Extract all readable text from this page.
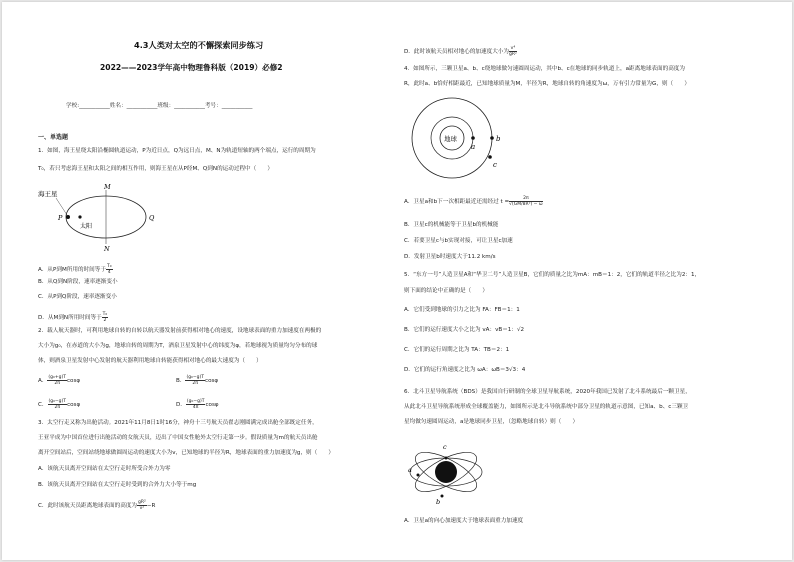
4.3人类对太空的不懈探索同步练习
2022——2023学年高中物理鲁科版（2019）必修2
学校:___________姓名：___________班级：___________考号：___________
一、单选题
1．如图，海王星绕太阳沿椭圆轨道运动，P为近日点，Q为远日点，M、N为轨道短轴的两个端点，运行的周期为
T₀，若只考虑海王星和太阳之间的相互作用，则海王星在从P经M、Q到N的运动过程中（　　）
海王星
P
太阳
Q
M
N
A．从P到M所用的时间等于 $\frac{\text{T₀}}{4}$
B．从Q到N阶段，速率逐渐变小
C．从P到Q阶段，速率逐渐变小
D．从M到N所用时间等于 $\frac{\text{T₀}}{2}$
2．载人航天器时，可利用地球自转的自转以航天器发射前获得相对地心的速度，设地球表面的重力加速度在两极的
大小为g₀，在赤道的大小为g，地球自转的周期为T，酒泉卫星发射中心的纬度为φ，若地球视为质量均匀分布的球
体，则酒泉卫星发射中心发射的航天器利用地球自转能获得相对地心的最大速度为（　　）
A． $\frac{\text{(g₀+g)T}}{2\pi}$ cosφ	B． $\frac{\text{(g₀−g)T}}{2\pi}$ cosφ
C． $\frac{\text{(g₀−g)T}}{2\pi}$ cosφ	D． $\frac{\text{(g₀−g)T}}{4\pi}$ cosφ
3．太空行走又称为出舱活动。2021年11月8日1时16分，神舟十三号航天员翟志刚圆满完成出舱全部既定任务，
王亚平成为中国首位进行出舱活动的女航天员，迈出了中国女性舱外太空行走第一步。假设质量为m的航天员出舱
离开空间站后，空间站绕地球做圆周运动的速度大小为v，已知地球的半径为R，地球表面的重力加速度为g，则（　　）
A．该航天员离开空间站在太空行走时所受合外力为零
B．该航天员离开空间站在太空行走时受到的合外力大小等于mg
C．此时该航天员距离地球表面的高度为 $\frac{\text{gR²}}{\text{v²}} -R$
D．此时该航天员相对地心的加速度大小为 $\frac{\text{v⁴}}{\text{gR²}}$
4．如图所示，三颗卫星a、b、c绕地球做匀速圆周运动，其中b、c在地球的同步轨道上，a距离地球表面的高度为
R，此时a、b恰好相距最近，已知地球质量为M，半径为R，地球自转的角速度为ω，万有引力常量为G，则（　　）
地球
a
b
c
A．卫星a和b下一次相距最近还需经过 $t = \frac{2\pi}{\text{√(GM/8R³) − ω}}$
B．卫星c的机械能等于卫星b的机械能
C．若要卫星c与b实现对接，可让卫星c加速
D．发射卫星b时速度大于11.2 km/s
5．“东方一号”人造卫星A和“华卫二号”人造卫星B，它们的质量之比为mA：mB＝1：2，它们的轨道半径之比为2：1，
则下面的结论中正确的是（　　）
A．它们受到地球的引力之比为 FA：FB＝1：1
B．它们的运行速度大小之比为 vA：vB＝1：√2
C．它们的运行周期之比为 TA：TB＝2：1
D．它们的运行角速度之比为 ωA：ωB＝3√3：4
6．北斗卫星导航系统（BDS）是我国自行研制的全球卫星导航系统，2020年我国已发射了北斗系统最后一颗卫星，
从此北斗卫星导航系统形成全球覆盖能力，如图所示是北斗导航系统中部分卫星的轨道示意图，已知a、b、c三颗卫
星均做匀速圆周运动，a是地球同步卫星，（忽略地球自转）则（　　）
c
a
b
A．卫星a的向心加速度大于地球表面重力加速度
